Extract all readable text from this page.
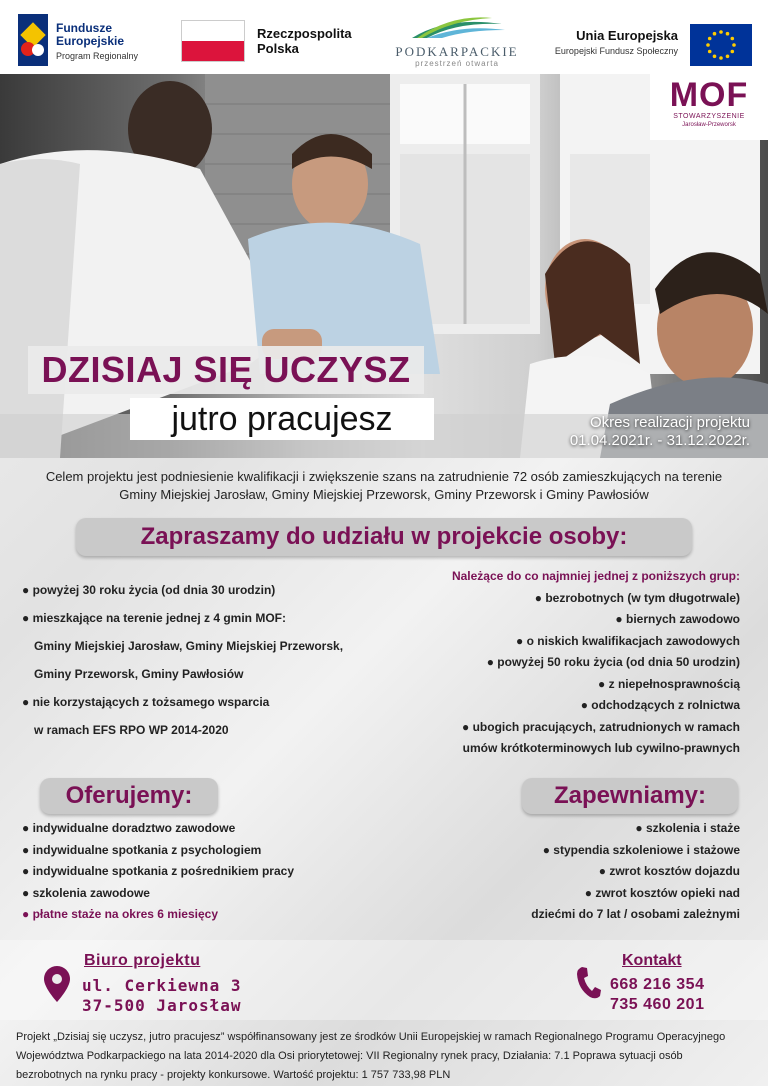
Fundusze
Europejskie
Program Regionalny
Rzeczpospolita
Polska	PODKARPACKIE
przestrzeń otwarta
Unia Europejska
Europejski Fundusz Społeczny
MOF
STOWARZYSZENIE
Jarosław-Przeworsk
DZISIAJ SIĘ UCZYSZ
jutro pracujesz	Okres realizacji projektu
01.04.2021r. - 31.12.2022r.
Celem projektu jest podniesienie kwalifikacji i zwiększenie szans na zatrudnienie 72 osób zamieszkujących na terenie
Gminy Miejskiej Jarosław, Gminy Miejskiej Przeworsk, Gminy Przeworsk i Gminy Pawłosiów
Zapraszamy do udziału w projekcie osoby:
● powyżej 30 roku życia (od dnia 30 urodzin)
● mieszkające na terenie jednej z 4 gmin MOF:
Gminy Miejskiej Jarosław, Gminy Miejskiej Przeworsk,
Gminy Przeworsk, Gminy Pawłosiów
● nie korzystających z tożsamego wsparcia
w ramach EFS RPO WP 2014-2020
Należące do co najmniej jednej z poniższych grup:
● bezrobotnych (w tym długotrwale)
● biernych zawodowo
● o niskich kwalifikacjach zawodowych
● powyżej 50 roku życia (od dnia 50 urodzin)
● z niepełnosprawnością
● odchodzących z rolnictwa
● ubogich pracujących, zatrudnionych w ramach
umów krótkoterminowych lub cywilno-prawnych
Oferujemy:	Zapewniamy:
● indywidualne doradztwo zawodowe
● indywidualne spotkania z psychologiem
● indywidualne spotkania z pośrednikiem pracy
● szkolenia zawodowe
● płatne staże na okres 6 miesięcy
● szkolenia i staże
● stypendia szkoleniowe i stażowe
● zwrot kosztów dojazdu
● zwrot kosztów opieki nad
dziećmi do 7 lat / osobami zależnymi
Biuro projektu
ul. Cerkiewna 3
37-500 Jarosław
Kontakt
668 216 354
735 460 201
Projekt „Dzisiaj się uczysz, jutro pracujesz” współfinansowany jest ze środków Unii Europejskiej w ramach Regionalnego Programu Operacyjnego
Województwa Podkarpackiego na lata 2014-2020 dla Osi priorytetowej: VII Regionalny rynek pracy, Działania: 7.1 Poprawa sytuacji osób
bezrobotnych na rynku pracy - projekty konkursowe. Wartość projektu: 1 757 733,98 PLN
